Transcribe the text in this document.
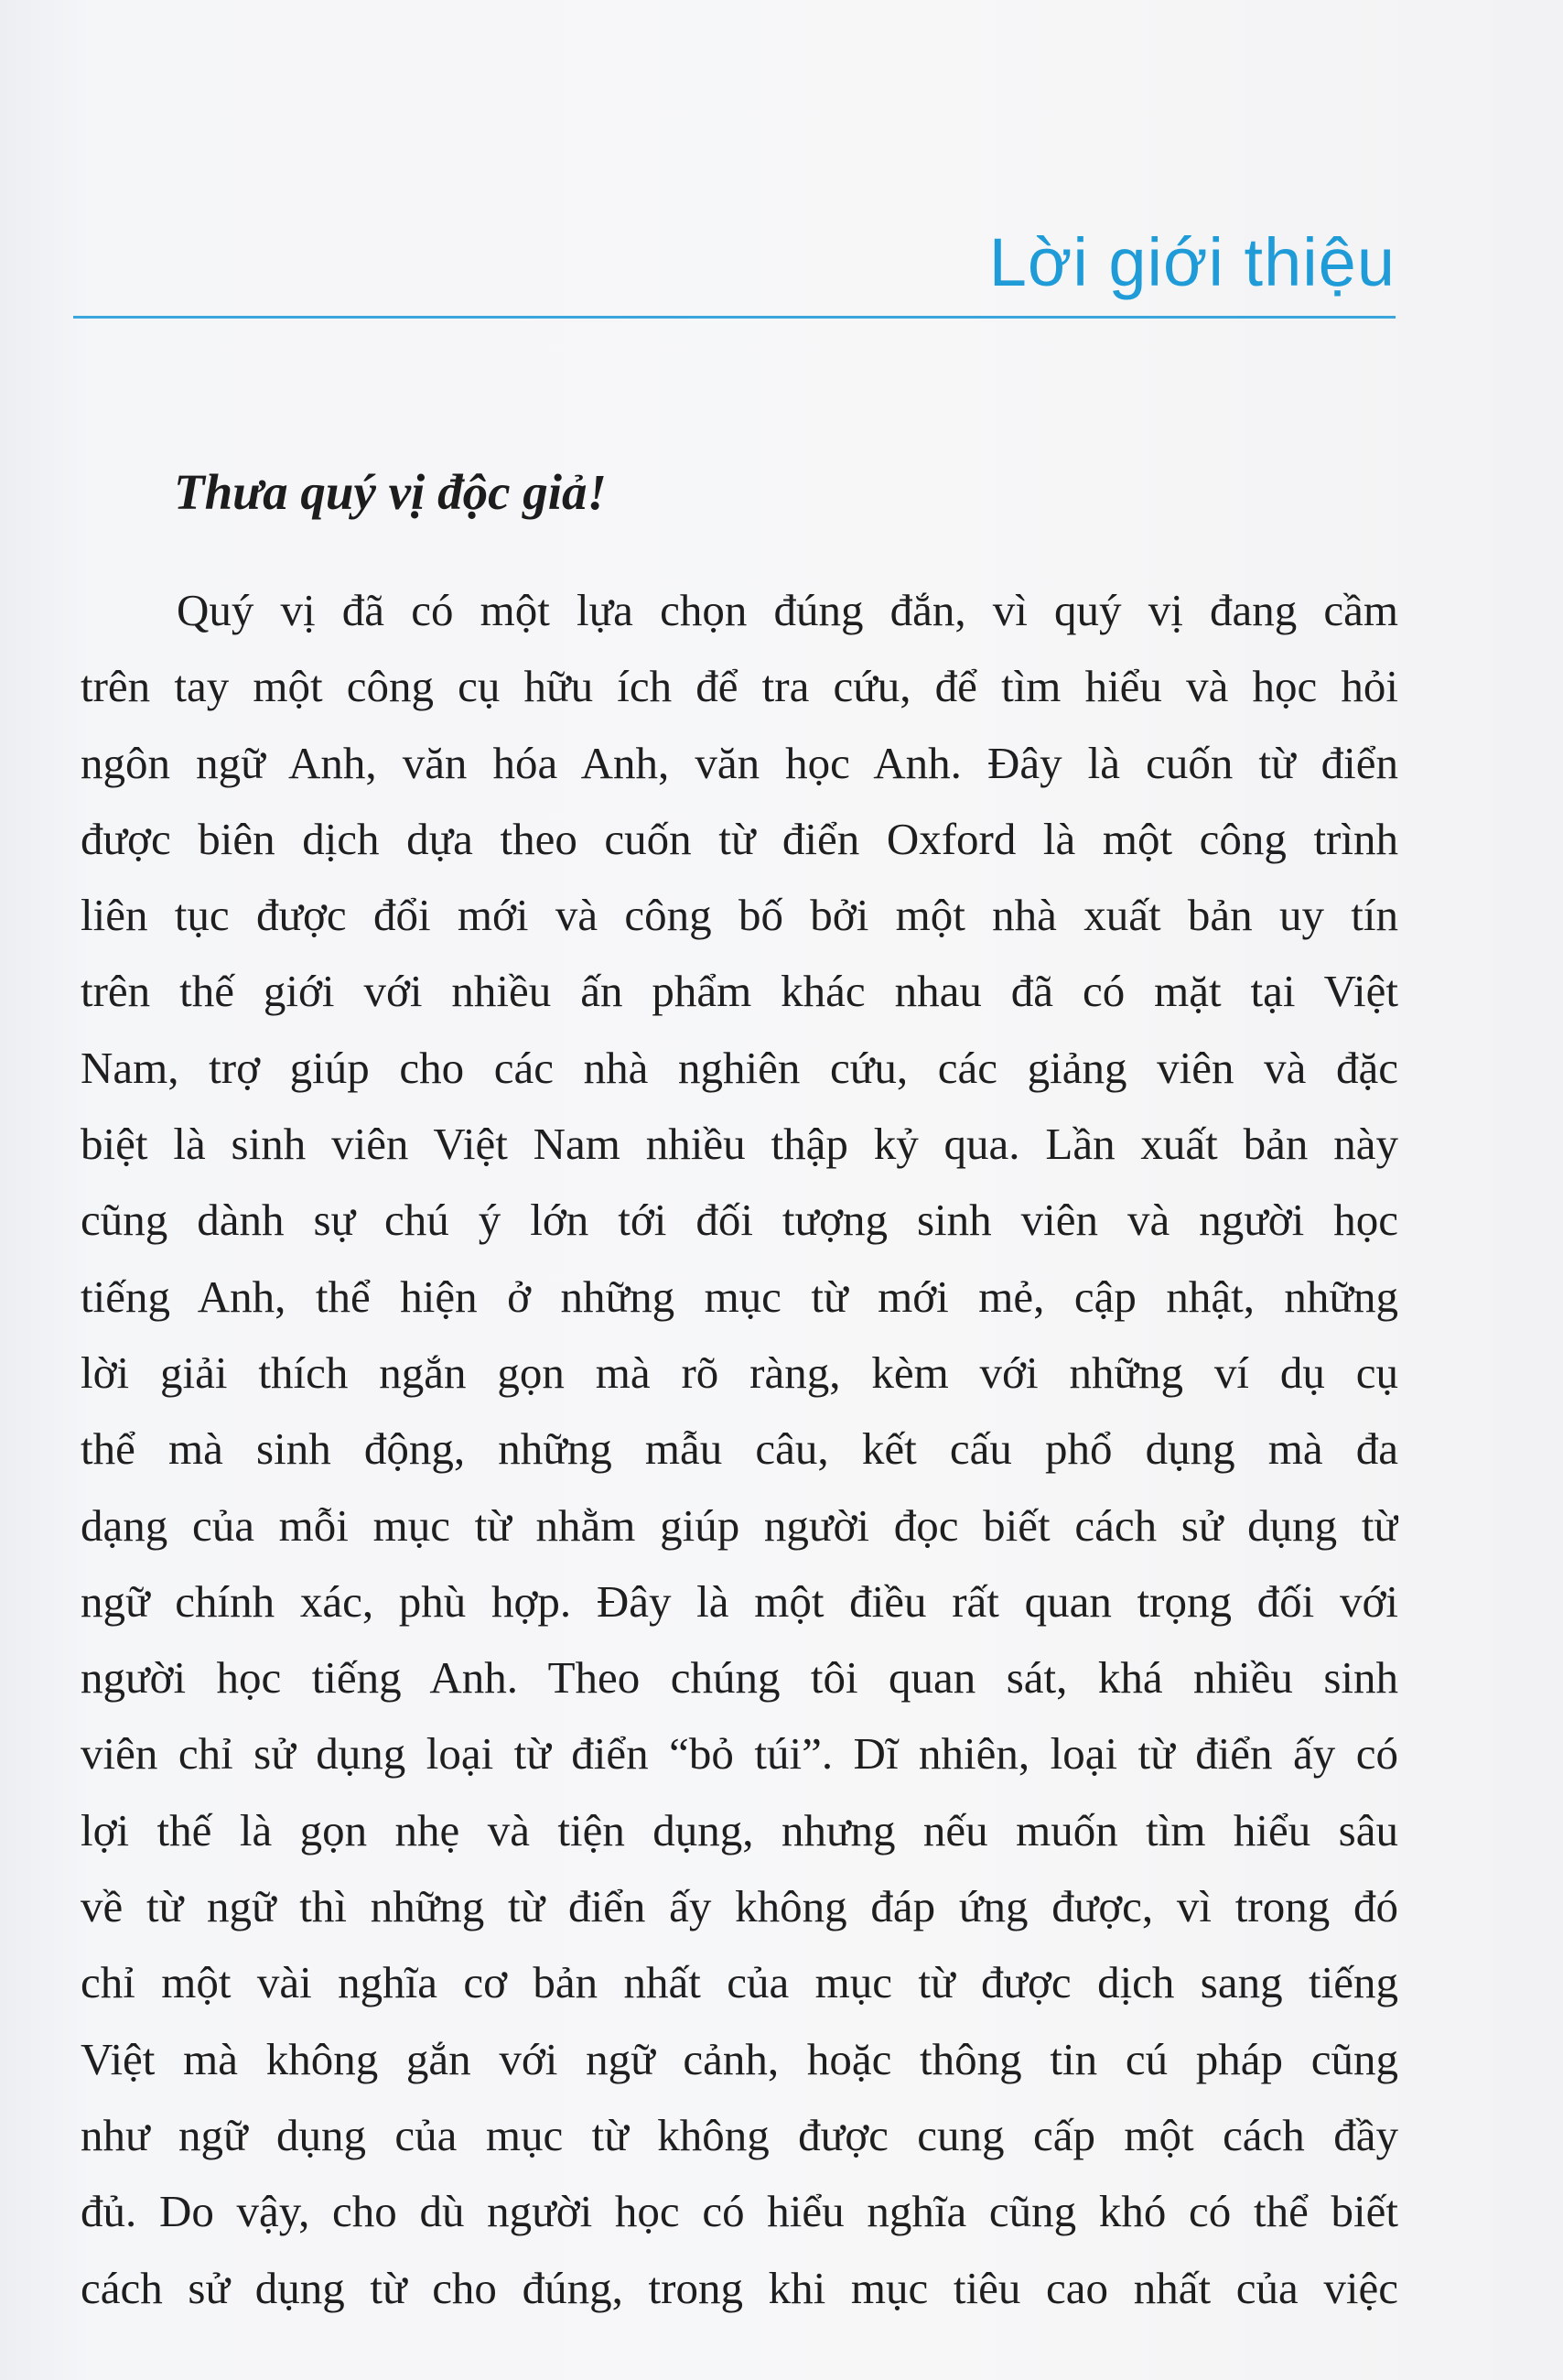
Lời giới thiệu
Thưa quý vị độc giả!
Quý vị đã có một lựa chọn đúng đắn, vì quý vị đang cầm
trên tay một công cụ hữu ích để tra cứu, để tìm hiểu và học hỏi
ngôn ngữ Anh, văn hóa Anh, văn học Anh. Đây là cuốn từ điển
được biên dịch dựa theo cuốn từ điển Oxford là một công trình
liên tục được đổi mới và công bố bởi một nhà xuất bản uy tín
trên thế giới với nhiều ấn phẩm khác nhau đã có mặt tại Việt
Nam, trợ giúp cho các nhà nghiên cứu, các giảng viên và đặc
biệt là sinh viên Việt Nam nhiều thập kỷ qua. Lần xuất bản này
cũng dành sự chú ý lớn tới đối tượng sinh viên và người học
tiếng Anh, thể hiện ở những mục từ mới mẻ, cập nhật, những
lời giải thích ngắn gọn mà rõ ràng, kèm với những ví dụ cụ
thể mà sinh động, những mẫu câu, kết cấu phổ dụng mà đa
dạng của mỗi mục từ nhằm giúp người đọc biết cách sử dụng từ
ngữ chính xác, phù hợp. Đây là một điều rất quan trọng đối với
người học tiếng Anh. Theo chúng tôi quan sát, khá nhiều sinh
viên chỉ sử dụng loại từ điển “bỏ túi”. Dĩ nhiên, loại từ điển ấy có
lợi thế là gọn nhẹ và tiện dụng, nhưng nếu muốn tìm hiểu sâu
về từ ngữ thì những từ điển ấy không đáp ứng được, vì trong đó
chỉ một vài nghĩa cơ bản nhất của mục từ được dịch sang tiếng
Việt mà không gắn với ngữ cảnh, hoặc thông tin cú pháp cũng
như ngữ dụng của mục từ không được cung cấp một cách đầy
đủ. Do vậy, cho dù người học có hiểu nghĩa cũng khó có thể biết
cách sử dụng từ cho đúng, trong khi mục tiêu cao nhất của việc
